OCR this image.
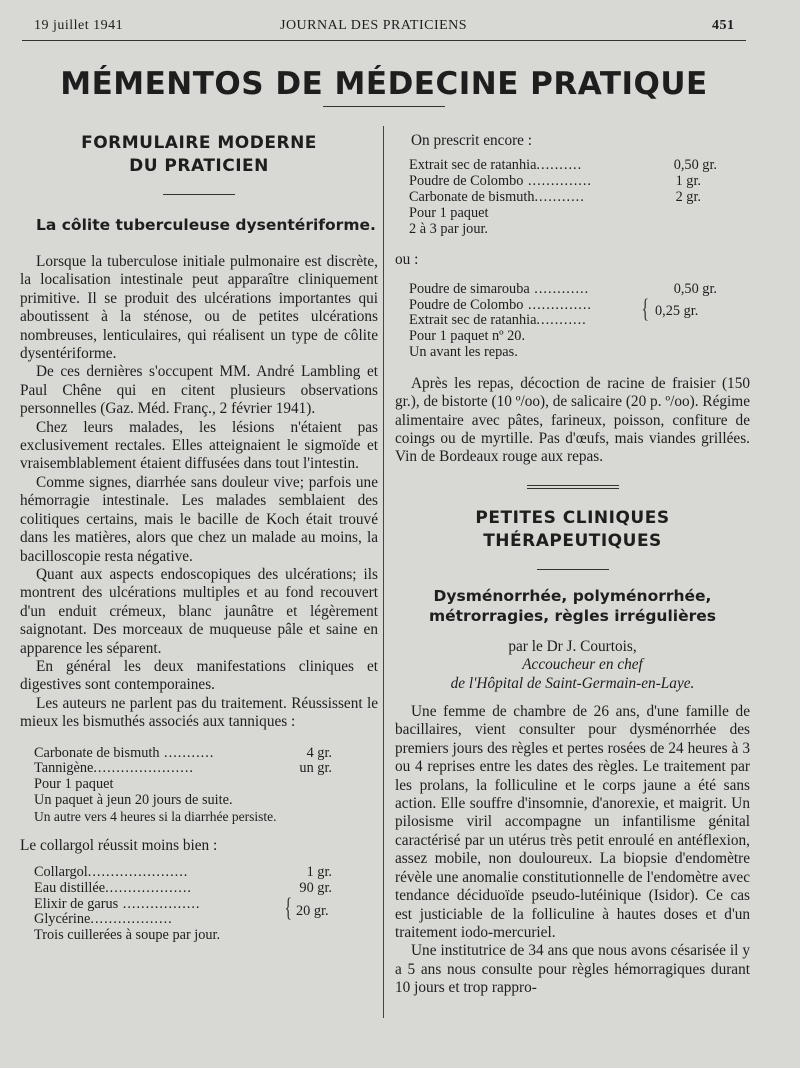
19 juillet 1941	JOURNAL DES PRATICIENS	451
MÉMENTOS DE MÉDECINE PRATIQUE
FORMULAIRE MODERNE
DU PRATICIEN
La côlite tuberculeuse dysentériforme.

Lorsque la tuberculose initiale pulmonaire est discrète, la localisation intestinale peut apparaître cliniquement primitive. Il se produit des ulcérations importantes qui aboutissent à la sténose, ou de petites ulcérations nombreuses, lenticulaires, qui réalisent un type de côlite dysentériforme.

De ces dernières s'occupent MM. André Lambling et Paul Chêne qui en citent plusieurs observations personnelles (Gaz. Méd. Franç., 2 février 1941).

Chez leurs malades, les lésions n'étaient pas exclusivement rectales. Elles atteignaient le sigmoïde et vraisemblablement étaient diffusées dans tout l'intestin.

Comme signes, diarrhée sans douleur vive; parfois une hémorragie intestinale. Les malades semblaient des colitiques certains, mais le bacille de Koch était trouvé dans les matières, alors que chez un malade au moins, la bacilloscopie resta négative.

Quant aux aspects endoscopiques des ulcérations; ils montrent des ulcérations multiples et au fond recouvert d'un enduit crémeux, blanc jaunâtre et légèrement saignotant. Des morceaux de muqueuse pâle et saine en apparence les séparent.

En général les deux manifestations cliniques et digestives sont contemporaines.

Les auteurs ne parlent pas du traitement. Réussissent le mieux les bismuthés associés aux tanniques :

Carbonate de bismuth ...........	4 gr.
Tannigène......................	un gr.
Pour 1 paquet
Un paquet à jeun 20 jours de suite.
Un autre vers 4 heures si la diarrhée persiste.
Le collargol réussit moins bien :
Collargol......................	1 gr.
Eau distillée...................	90 gr.
Elixir de garus .................
Glycérine..................	{ 20 gr.
Trois cuillerées à soupe par jour.
On prescrit encore :
Extrait sec de ratanhia..........	0,50 gr.
Poudre de Colombo ..............	1 gr.
Carbonate de bismuth...........	2 gr.
Pour 1 paquet
2 à 3 par jour.
ou :
Poudre de simarouba ............	0,50 gr.
Poudre de Colombo ..............
Extrait sec de ratanhia........... { 0,25 gr.
Pour 1 paquet nº 20.
Un avant les repas.

Après les repas, décoction de racine de fraisier (150 gr.), de bistorte (10 º/oo), de salicaire (20 p. º/oo). Régime alimentaire avec pâtes, farineux, poisson, confiture de coings ou de myrtille. Pas d'œufs, mais viandes grillées. Vin de Bordeaux rouge aux repas.

PETITES CLINIQUES
THÉRAPEUTIQUES
Dysménorrhée, polyménorrhée,
métrorragies, règles irrégulières
par le Dr J. Courtois,
Accoucheur en chef
de l'Hôpital de Saint-Germain-en-Laye.

Une femme de chambre de 26 ans, d'une famille de bacillaires, vient consulter pour dysménorrhée des premiers jours des règles et pertes rosées de 24 heures à 3 ou 4 reprises entre les dates des règles. Le traitement par les prolans, la folliculine et le corps jaune a été sans action. Elle souffre d'insomnie, d'anorexie, et maigrit. Un pilosisme viril accompagne un infantilisme génital caractérisé par un utérus très petit enroulé en antéflexion, assez mobile, non douloureux. La biopsie d'endomètre révèle une anomalie constitutionnelle de l'endomètre avec tendance déciduoïde pseudo-lutéinique (Isidor). Ce cas est justiciable de la folliculine à hautes doses et d'un traitement iodo-mercuriel.

Une institutrice de 34 ans que nous avons césarisée il y a 5 ans nous consulte pour règles hémorragiques durant 10 jours et trop rappro-
